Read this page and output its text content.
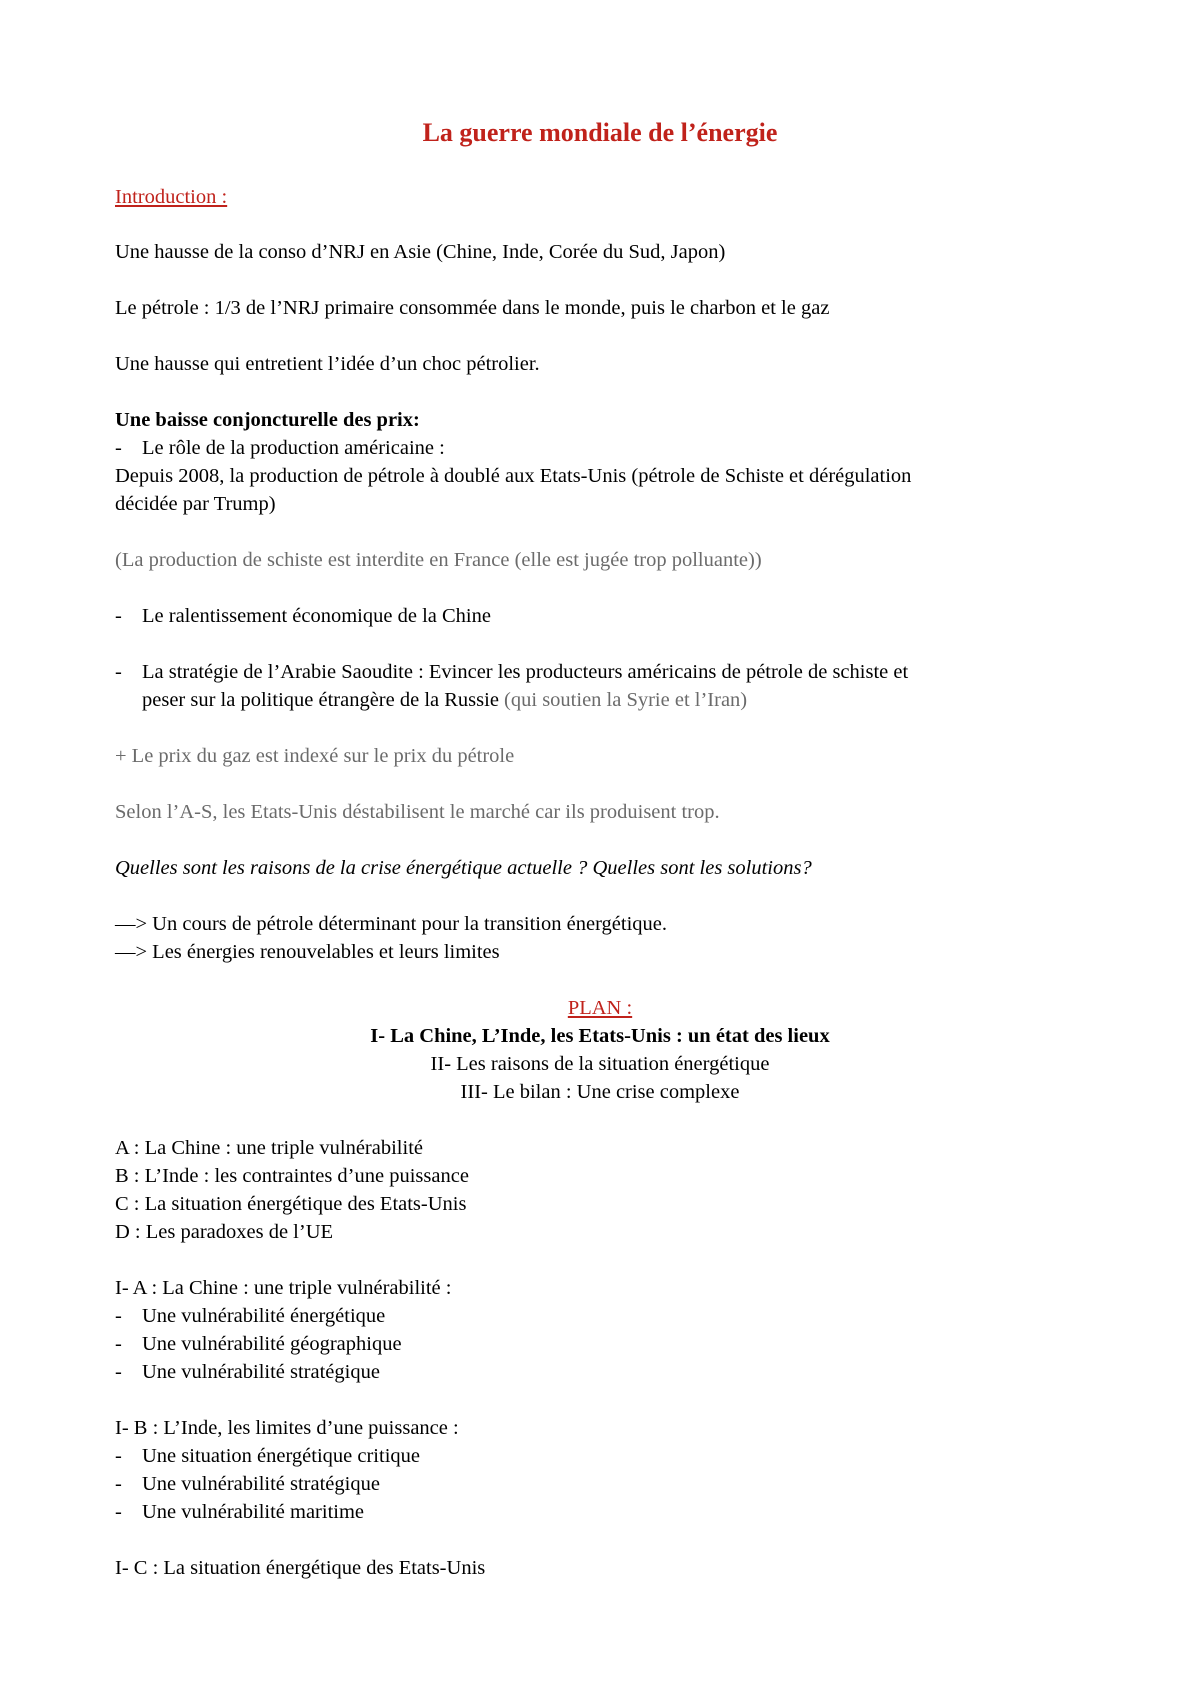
La guerre mondiale de l’énergie

Introduction :

Une hausse de la conso d’NRJ en Asie (Chine, Inde, Corée du Sud, Japon)

Le pétrole : 1/3 de l’NRJ primaire consommée dans le monde, puis le charbon et le gaz

Une hausse qui entretient l’idée d’un choc pétrolier.

Une baisse conjoncturelle des prix:

- Le rôle de la production américaine :

Depuis 2008, la production de pétrole à doublé aux Etats-Unis (pétrole de Schiste et dérégulation

décidée par Trump)

(La production de schiste est interdite en France (elle est jugée trop polluante))

- Le ralentissement économique de la Chine

- La stratégie de l’Arabie Saoudite : Evincer les producteurs américains de pétrole de schiste et

peser sur la politique étrangère de la Russie (qui soutien la Syrie et l’Iran)

+ Le prix du gaz est indexé sur le prix du pétrole

Selon l’A-S, les Etats-Unis déstabilisent le marché car ils produisent trop.

Quelles sont les raisons de la crise énergétique actuelle ? Quelles sont les solutions?

—> Un cours de pétrole déterminant pour la transition énergétique.

—> Les énergies renouvelables et leurs limites

PLAN :

I- La Chine, L’Inde, les Etats-Unis : un état des lieux

II- Les raisons de la situation énergétique

III- Le bilan : Une crise complexe

A : La Chine : une triple vulnérabilité

B : L’Inde : les contraintes d’une puissance

C : La situation énergétique des Etats-Unis

D : Les paradoxes de l’UE

I- A : La Chine : une triple vulnérabilité :

- Une vulnérabilité énergétique

- Une vulnérabilité géographique

- Une vulnérabilité stratégique

I- B : L’Inde, les limites d’une puissance :

- Une situation énergétique critique

- Une vulnérabilité stratégique

- Une vulnérabilité maritime

I- C : La situation énergétique des Etats-Unis
